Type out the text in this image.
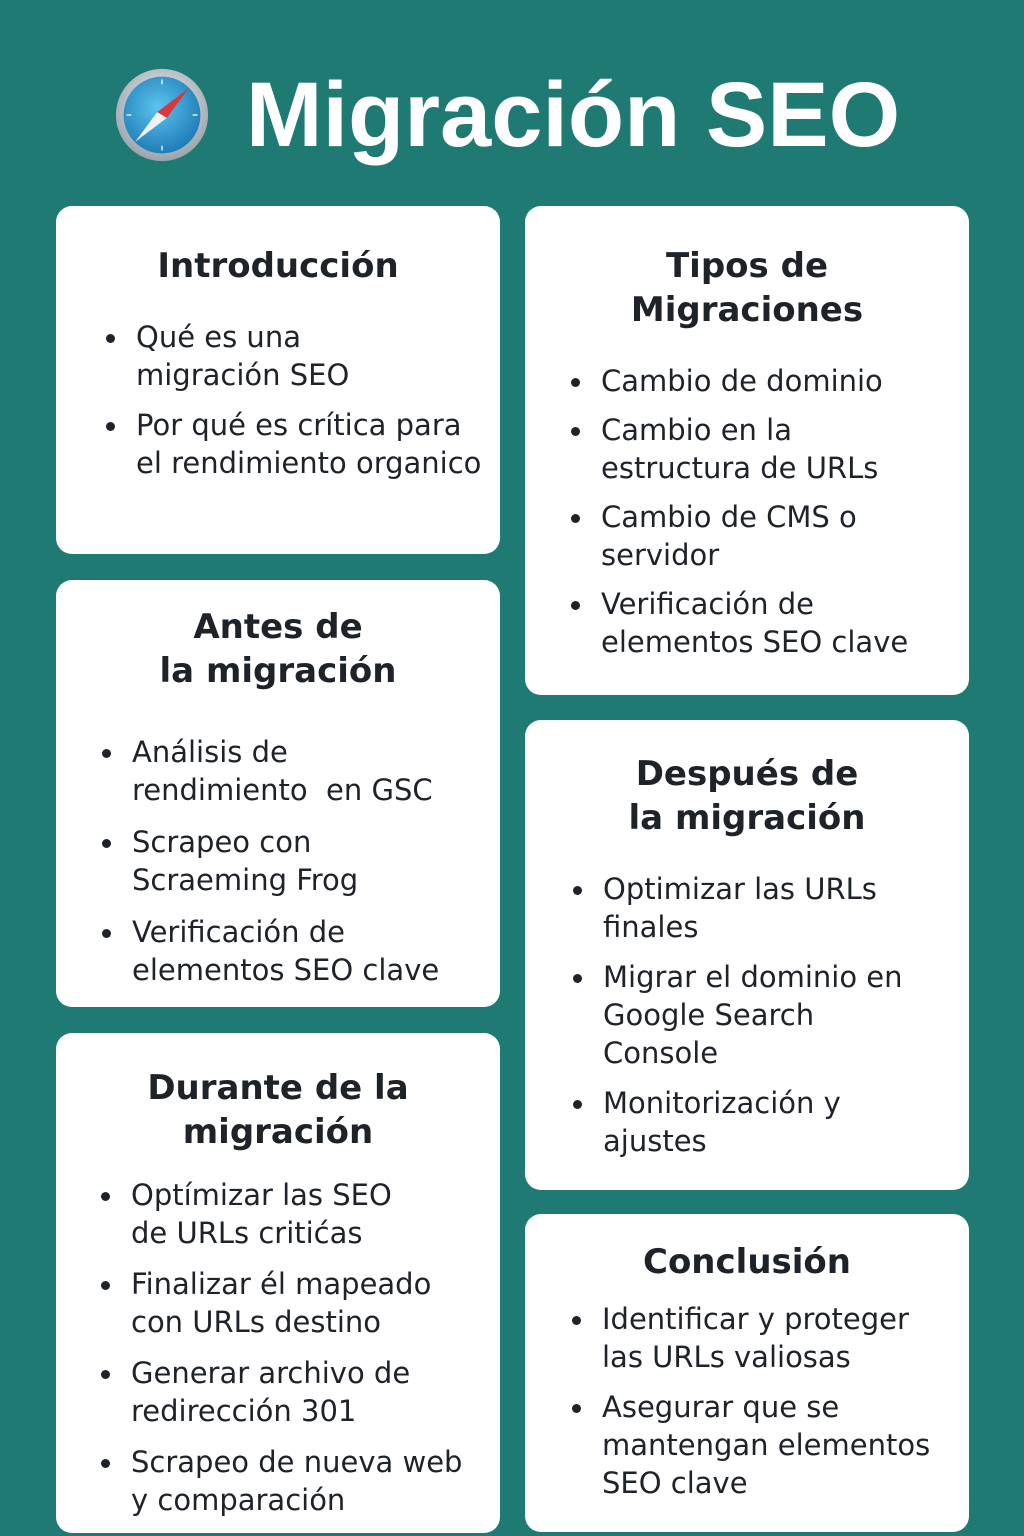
Migración SEO
Introducción
Qué es una migración SEO
Por qué es crítica para el rendimiento organico
Tipos de
Migraciones
Cambio de dominio
Cambio en la estructura de URLs
Cambio de CMS o servidor
Verificación de elementos SEO clave
Antes de
la migración
Análisis de rendimiento  en GSC
Scrapeo con Scraeming Frog
Verificación de elementos SEO clave
Después de
la migración
Optimizar las URLs finales
Migrar el dominio en Google Search Console
Monitorización y ajustes
Durante de la
migración
Optímizar las SEO de URLs critićas
Finalizar él mapeado con URLs destino
Generar archivo de redirección 301
Scrapeo de nueva web y comparación
Conclusión
Identificar y proteger las URLs valiosas
Asegurar que se mantengan elementos SEO clave
